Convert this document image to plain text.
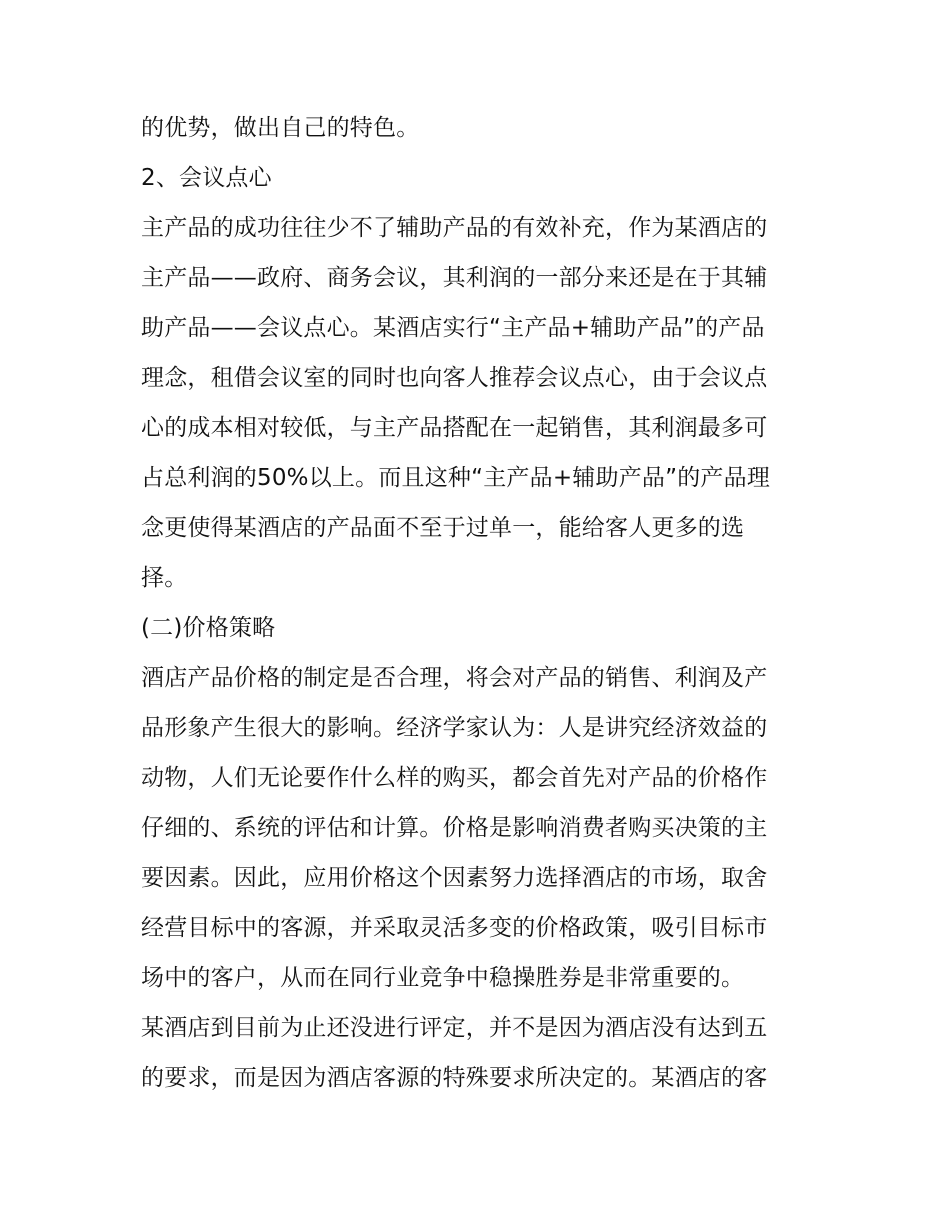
的优势，做出自己的特色。
2、会议点心
主产品的成功往往少不了辅助产品的有效补充，作为某酒店的
主产品——政府、商务会议，其利润的一部分来还是在于其辅
助产品——会议点心。某酒店实行“主产品+辅助产品”的产品
理念，租借会议室的同时也向客人推荐会议点心，由于会议点
心的成本相对较低，与主产品搭配在一起销售，其利润最多可
占总利润的50%以上。而且这种“主产品+辅助产品”的产品理
念更使得某酒店的产品面不至于过单一，能给客人更多的选
择。
(二)价格策略
酒店产品价格的制定是否合理，将会对产品的销售、利润及产
品形象产生很大的影响。经济学家认为：人是讲究经济效益的
动物，人们无论要作什么样的购买，都会首先对产品的价格作
仔细的、系统的评估和计算。价格是影响消费者购买决策的主
要因素。因此，应用价格这个因素努力选择酒店的市场，取舍
经营目标中的客源，并采取灵活多变的价格政策，吸引目标市
场中的客户，从而在同行业竞争中稳操胜券是非常重要的。
某酒店到目前为止还没进行评定，并不是因为酒店没有达到五
的要求，而是因为酒店客源的特殊要求所决定的。某酒店的客
